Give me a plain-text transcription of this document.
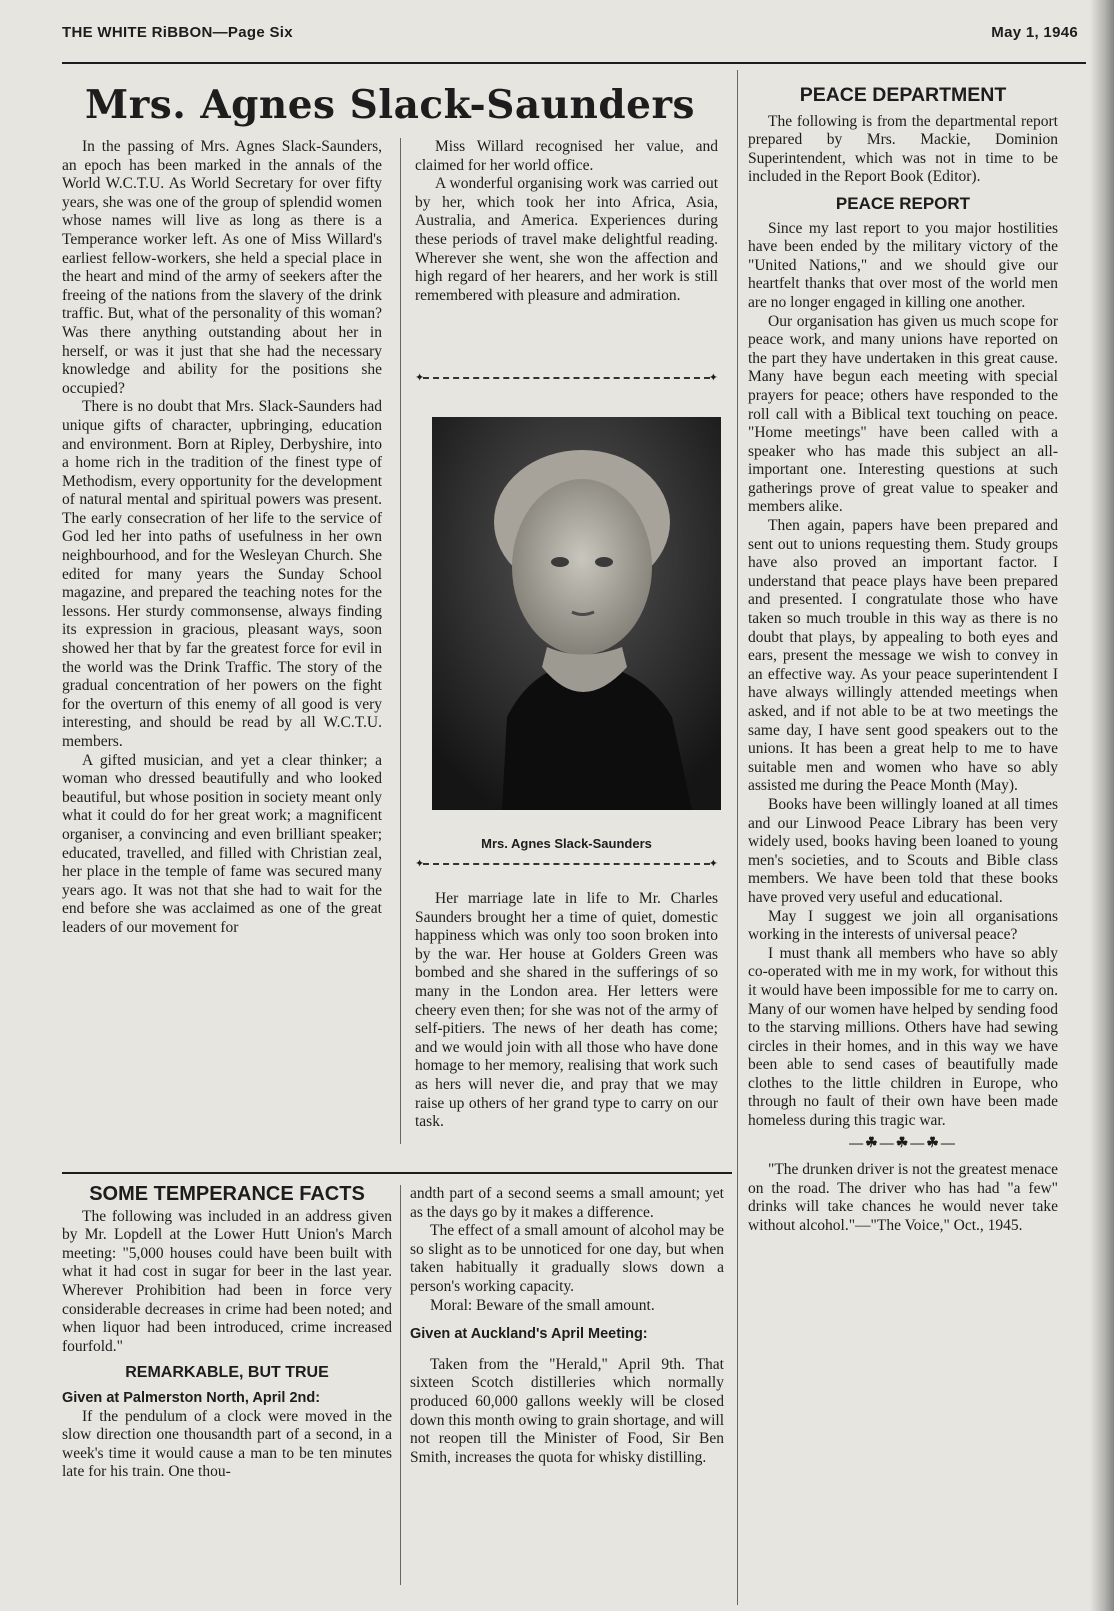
THE WHITE RiBBON—Page Six	May 1, 1946
Mrs. Agnes Slack-Saunders

In the passing of Mrs. Agnes Slack-Saunders, an epoch has been marked in the annals of the World W.C.T.U. As World Secretary for over fifty years, she was one of the group of splendid women whose names will live as long as there is a Temperance worker left. As one of Miss Willard's earliest fellow-workers, she held a special place in the heart and mind of the army of seekers after the freeing of the nations from the slavery of the drink traffic. But, what of the personality of this woman? Was there anything outstanding about her in herself, or was it just that she had the necessary knowledge and ability for the positions she occupied?

There is no doubt that Mrs. Slack-Saunders had unique gifts of character, upbringing, education and environment. Born at Ripley, Derbyshire, into a home rich in the tradition of the finest type of Methodism, every opportunity for the development of natural mental and spiritual powers was present. The early consecration of her life to the service of God led her into paths of usefulness in her own neighbourhood, and for the Wesleyan Church. She edited for many years the Sunday School magazine, and prepared the teaching notes for the lessons. Her sturdy commonsense, always finding its expression in gracious, pleasant ways, soon showed her that by far the greatest force for evil in the world was the Drink Traffic. The story of the gradual concentration of her powers on the fight for the overturn of this enemy of all good is very interesting, and should be read by all W.C.T.U. members.

A gifted musician, and yet a clear thinker; a woman who dressed beautifully and who looked beautiful, but whose position in society meant only what it could do for her great work; a magnificent organiser, a convincing and even brilliant speaker; educated, travelled, and filled with Christian zeal, her place in the temple of fame was secured many years ago. It was not that she had to wait for the end before she was acclaimed as one of the great leaders of our movement for

Miss Willard recognised her value, and claimed for her world office.

A wonderful organising work was carried out by her, which took her into Africa, Asia, Australia, and America. Experiences during these periods of travel make delightful reading. Wherever she went, she won the affection and high regard of her hearers, and her work is still remembered with pleasure and admiration.

✦	✦
Mrs. Agnes Slack-Saunders
✦	✦

Her marriage late in life to Mr. Charles Saunders brought her a time of quiet, domestic happiness which was only too soon broken into by the war. Her house at Golders Green was bombed and she shared in the sufferings of so many in the London area. Her letters were cheery even then; for she was not of the army of self-pitiers. The news of her death has come; and we would join with all those who have done homage to her memory, realising that work such as hers will never die, and pray that we may raise up others of her grand type to carry on our task.

SOME TEMPERANCE FACTS

The following was included in an address given by Mr. Lopdell at the Lower Hutt Union's March meeting: "5,000 houses could have been built with what it had cost in sugar for beer in the last year. Wherever Prohibition had been in force very considerable decreases in crime had been noted; and when liquor had been introduced, crime increased fourfold."

REMARKABLE, BUT TRUE
Given at Palmerston North, April 2nd:

If the pendulum of a clock were moved in the slow direction one thousandth part of a second, in a week's time it would cause a man to be ten minutes late for his train. One thou-

andth part of a second seems a small amount; yet as the days go by it makes a difference.

The effect of a small amount of alcohol may be so slight as to be unnoticed for one day, but when taken habitually it gradually slows down a person's working capacity.

Moral: Beware of the small amount.

Given at Auckland's April Meeting:

Taken from the "Herald," April 9th. That sixteen Scotch distilleries which normally produced 60,000 gallons weekly will be closed down this month owing to grain shortage, and will not reopen till the Minister of Food, Sir Ben Smith, increases the quota for whisky distilling.

PEACE DEPARTMENT

The following is from the departmental report prepared by Mrs. Mackie, Dominion Superintendent, which was not in time to be included in the Report Book (Editor).

PEACE REPORT

Since my last report to you major hostilities have been ended by the military victory of the "United Nations," and we should give our heartfelt thanks that over most of the world men are no longer engaged in killing one another.

Our organisation has given us much scope for peace work, and many unions have reported on the part they have undertaken in this great cause. Many have begun each meeting with special prayers for peace; others have responded to the roll call with a Biblical text touching on peace. "Home meetings" have been called with a speaker who has made this subject an all-important one. Interesting questions at such gatherings prove of great value to speaker and members alike.

Then again, papers have been prepared and sent out to unions requesting them. Study groups have also proved an important factor. I understand that peace plays have been prepared and presented. I congratulate those who have taken so much trouble in this way as there is no doubt that plays, by appealing to both eyes and ears, present the message we wish to convey in an effective way. As your peace superintendent I have always willingly attended meetings when asked, and if not able to be at two meetings the same day, I have sent good speakers out to the unions. It has been a great help to me to have suitable men and women who have so ably assisted me during the Peace Month (May).

Books have been willingly loaned at all times and our Linwood Peace Library has been very widely used, books having been loaned to young men's societies, and to Scouts and Bible class members. We have been told that these books have proved very useful and educational.

May I suggest we join all organisations working in the interests of universal peace?

I must thank all members who have so ably co-operated with me in my work, for without this it would have been impossible for me to carry on. Many of our women have helped by sending food to the starving millions. Others have had sewing circles in their homes, and in this way we have been able to send cases of beautifully made clothes to the little children in Europe, who through no fault of their own have been made homeless during this tragic war.

—☘—☘—☘—

"The drunken driver is not the greatest menace on the road. The driver who has had "a few" drinks will take chances he would never take without alcohol."—"The Voice," Oct., 1945.
